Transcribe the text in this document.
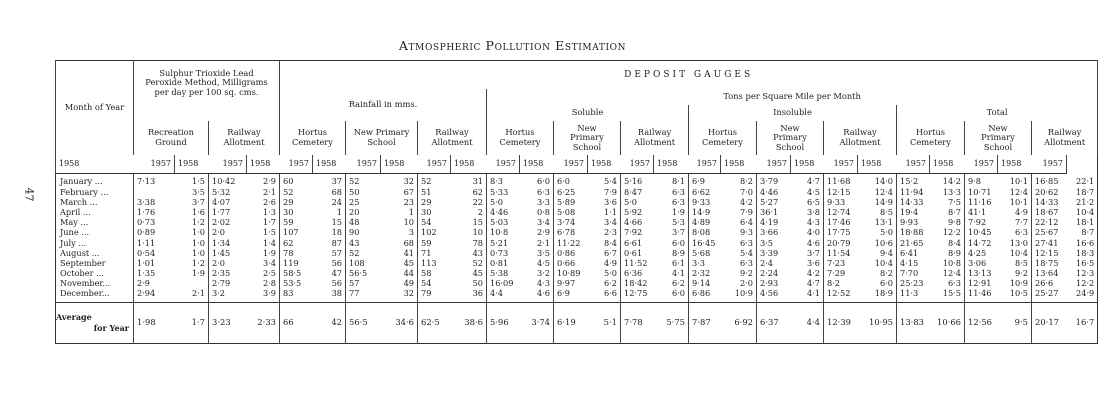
47
Atmospheric Pollution Estimation
Month of Year	Sulphur Trioxide Lead Peroxide Method, Milligrams per day per 100 sq. cms.				DEPOSIT GAUGES																							
					Rainfall in mms.						Tons per Square Mile per Month																	
											Soluble						Insoluble						Total					
	Recreation Ground		Railway Allotment		Hortus Cemetery		New Primary School		Railway Allotment		Hortus Cemetery		New Primary School		Railway Allotment		Hortus Cemetery		New Primary School		Railway Allotment		Hortus Cemetery		New Primary School		Railway Allotment	
1958	1957	1958	1957	1958	1957	1958	1957	1958	1957	1958	1957	1958	1957	1958	1957	1958	1957	1958	1957	1958	1957	1958	1957	1958	1957	1958	1957	
January ...	7·13	1·5	10·42	2·9	60	37	52	32	52	31	8·3	6·0	6·0	5·4	5·16	8·1	6·9	8·2	3·79	4·7	11·68	14·0	15·2	14·2	9·8	10·1	16·85	22·1
February ...		3·5	5·32	2·1	52	68	50	67	51	62	5·33	6·3	6·25	7·9	8·47	6·3	6·62	7·0	4·46	4·5	12·15	12·4	11·94	13·3	10·71	12·4	20·62	18·7
March ...	3·38	3·7	4·07	2·6	29	24	25	23	29	22	5·0	3·3	5·89	3·6	5·0	6·3	9·33	4·2	5·27	6·5	9·33	14·9	14·33	7·5	11·16	10·1	14·33	21·2
April ...	1·76	1·6	1·77	1·3	30	1	20	1	30	2	4·46	0·8	5·08	1·1	5·92	1·9	14·9	7·9	36·1	3·8	12·74	8·5	19·4	8·7	41·1	4·9	18·67	10·4
May ...	0·73	1·2	2·02	1·7	59	15	48	10	54	15	5·03	3·4	3·74	3·4	4·66	5·3	4·89	6·4	4·19	4·3	17·46	13·1	9·93	9·8	7·92	7·7	22·12	18·1
June ...	0·89	1·0	2·0	1·5	107	18	90	3	102	10	10·8	2·9	6·78	2·3	7·92	3·7	8·08	9·3	3·66	4·0	17·75	5·0	18·88	12·2	10·45	6·3	25·67	8·7
July ...	1·11	1·0	1·34	1·4	62	87	43	68	59	78	5·21	2·1	11·22	8·4	6·61	6·0	16·45	6·3	3·5	4·6	20·79	10·6	21·65	8·4	14·72	13·0	27·41	16·6
August ...	0·54	1·0	1·45	1·9	78	57	52	41	71	43	0·73	3·5	0·86	6·7	0·61	8·9	5·68	5·4	3·39	3·7	11·54	9·4	6·41	8·9	4·25	10·4	12·15	18·3
September	1·01	1·2	2·0	3·4	119	56	108	45	113	52	0·81	4·5	0·66	4·9	11·52	6·1	3·3	6·3	2·4	3·6	7·23	10·4	4·15	10·8	3·06	8·5	18·75	16·5
October ...	1·35	1·9	2·35	2·5	58·5	47	56·5	44	58	45	5·38	3·2	10·89	5·0	6·36	4·1	2·32	9·2	2·24	4·2	7·29	8·2	7·70	12·4	13·13	9·2	13·64	12·3
November...	2·9		2·79	2·8	53·5	56	57	49	54	50	16·09	4·3	9·97	6·2	18·42	6·2	9·14	2·0	2·93	4·7	8·2	6·0	25·23	6·3	12·91	10·9	26·6	12·2
December...	2·94	2·1	3·2	3·9	83	38	77	32	79	36	4·4	4·6	6·9	6·6	12·75	6·0	6·86	10·9	4·56	4·1	12·52	18·9	11·3	15·5	11·46	10·5	25·27	24·9

Average
for Year	1·98	1·7	3·23	2·33	66	42	56·5	34·6	62·5	38·6	5·96	3·74	6·19	5·1	7·78	5·75	7·87	6·92	6·37	4·4	12·39	10·95	13·83	10·66	12·56	9·5	20·17	16·7
